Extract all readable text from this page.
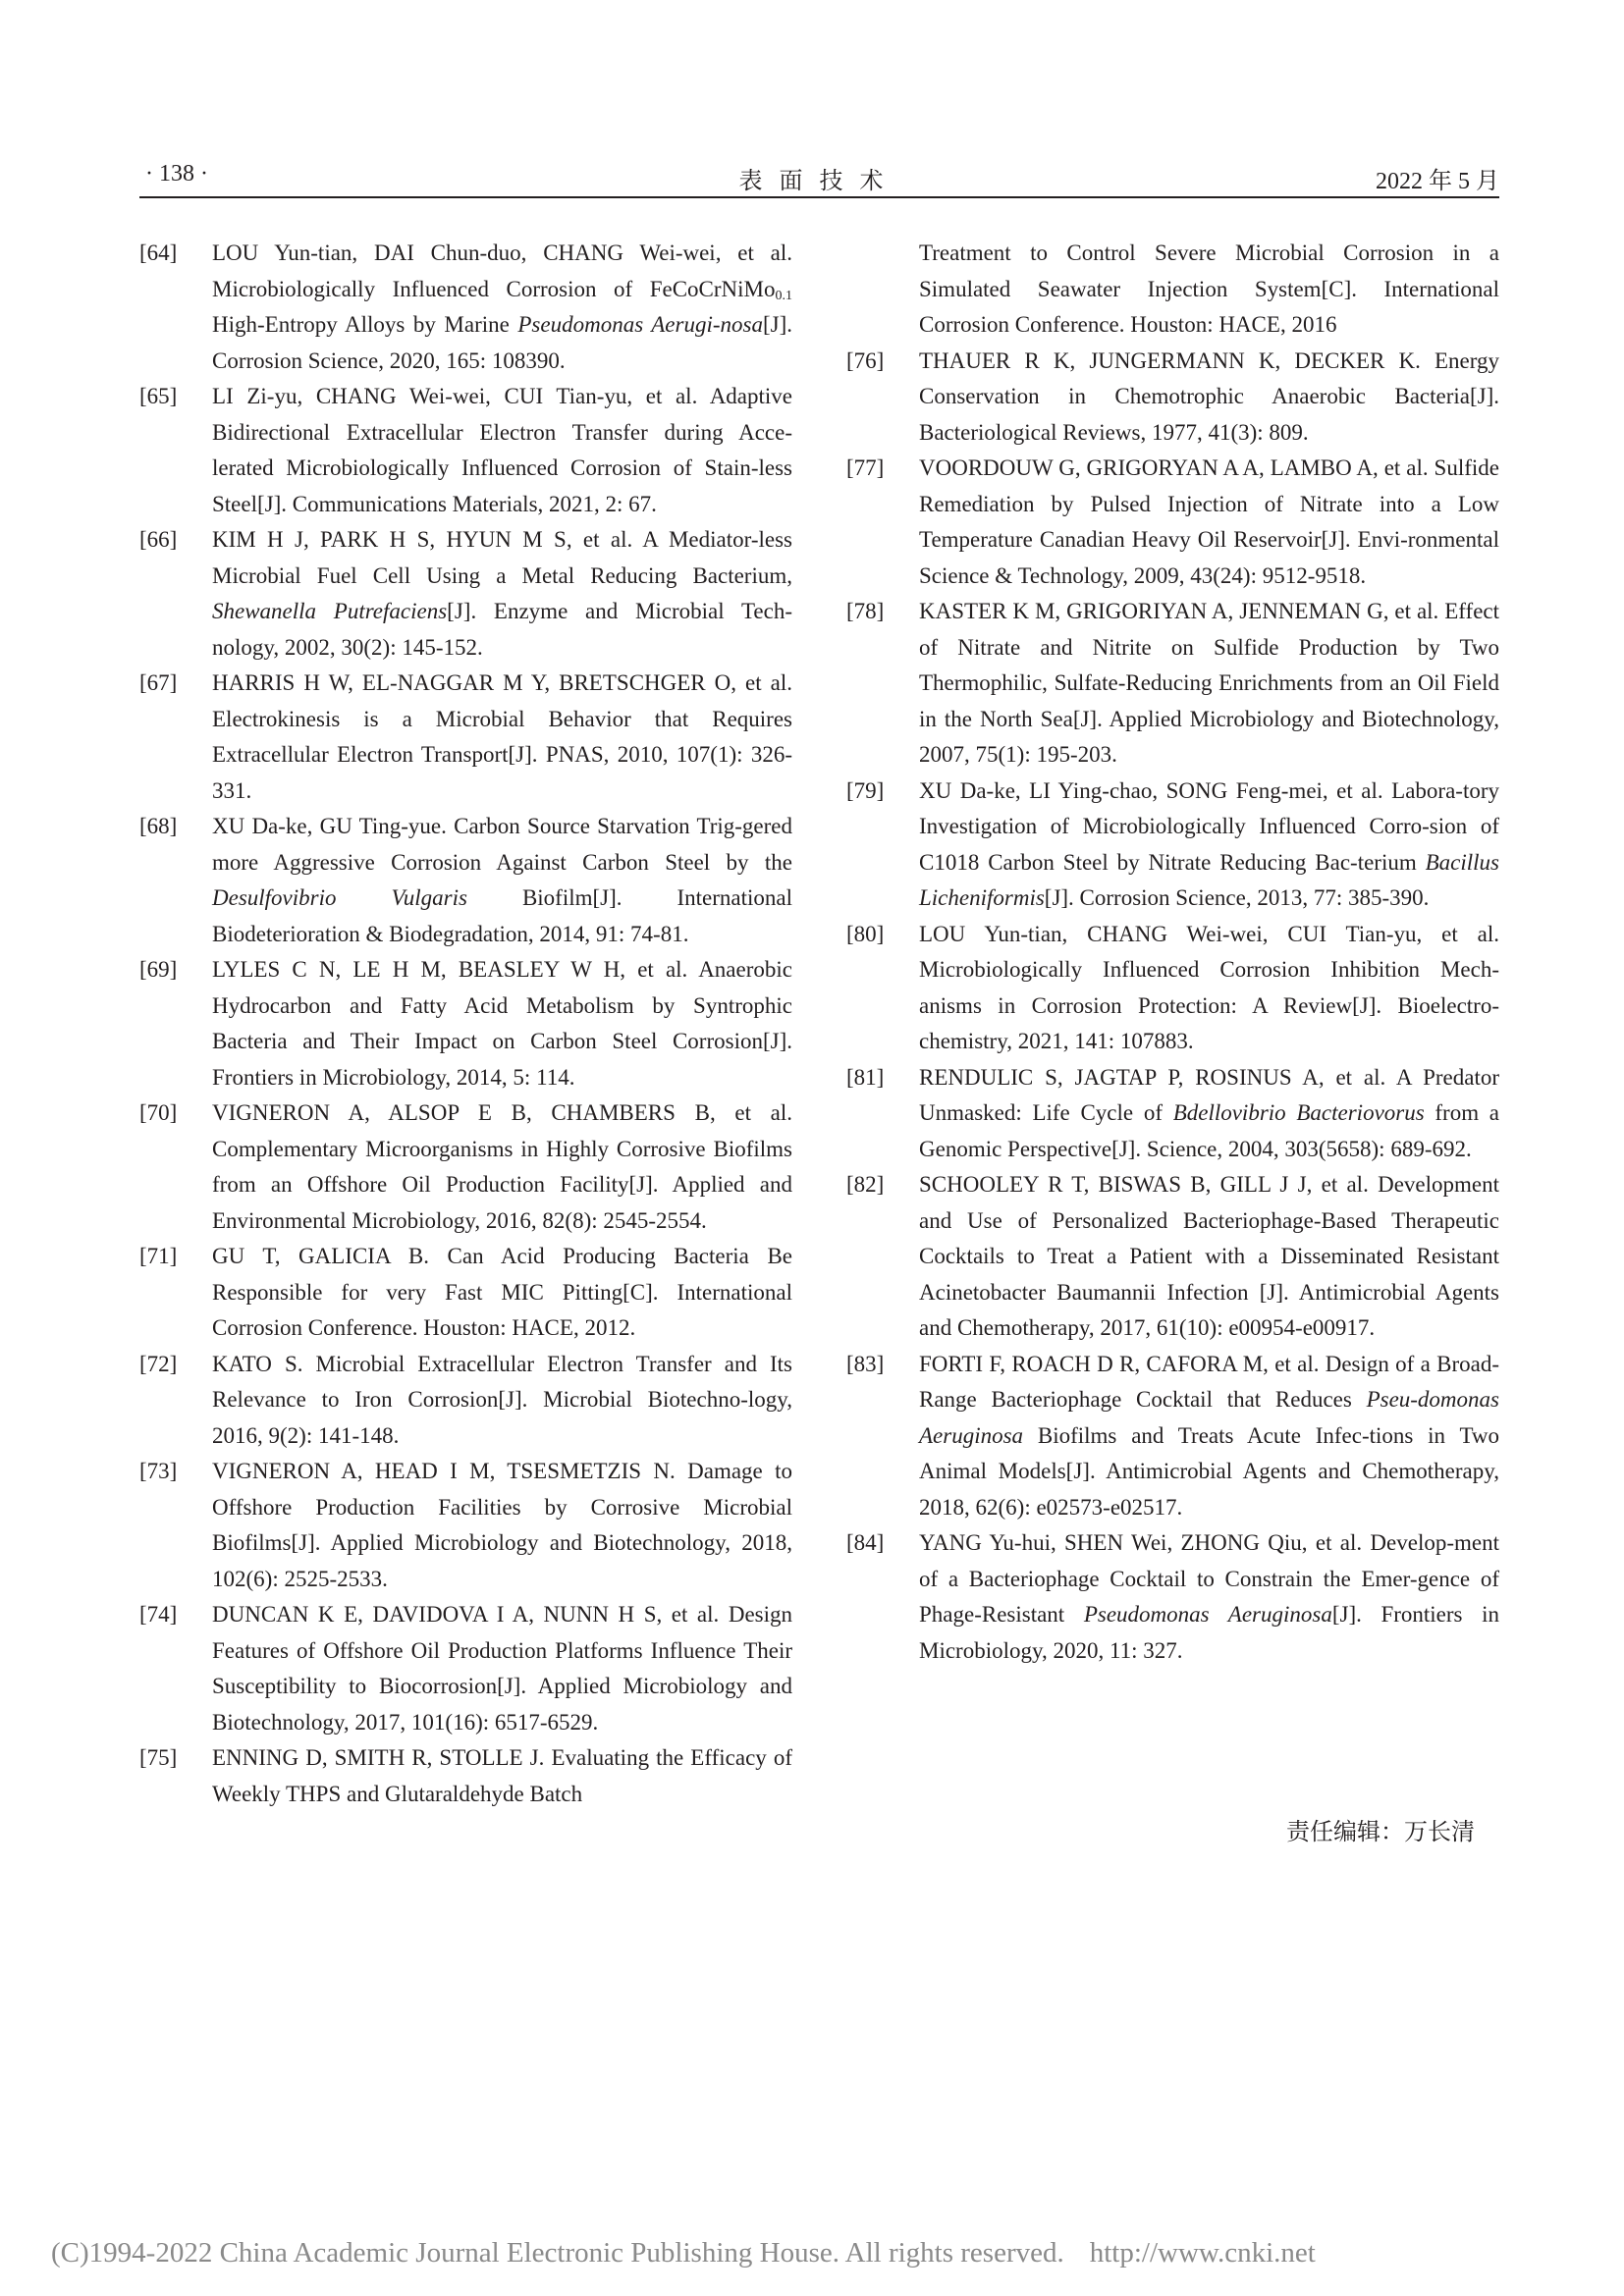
· 138 ·	表面技术	2022 年 5 月
[64] LOU Yun-tian, DAI Chun-duo, CHANG Wei-wei, et al. Microbiologically Influenced Corrosion of FeCoCrNiMo$_{0.1}$ High-Entropy Alloys by Marine Pseudomonas Aerugi-nosa[J]. Corrosion Science, 2020, 165: 108390.
[65] LI Zi-yu, CHANG Wei-wei, CUI Tian-yu, et al. Adaptive Bidirectional Extracellular Electron Transfer during Acce-lerated Microbiologically Influenced Corrosion of Stain-less Steel[J]. Communications Materials, 2021, 2: 67.
[66] KIM H J, PARK H S, HYUN M S, et al. A Mediator-less Microbial Fuel Cell Using a Metal Reducing Bacterium, Shewanella Putrefaciens[J]. Enzyme and Microbial Tech-nology, 2002, 30(2): 145-152.
[67] HARRIS H W, EL-NAGGAR M Y, BRETSCHGER O, et al. Electrokinesis is a Microbial Behavior that Requires Extracellular Electron Transport[J]. PNAS, 2010, 107(1): 326-331.
[68] XU Da-ke, GU Ting-yue. Carbon Source Starvation Trig-gered more Aggressive Corrosion Against Carbon Steel by the Desulfovibrio Vulgaris Biofilm[J]. International Biodeterioration & Biodegradation, 2014, 91: 74-81.
[69] LYLES C N, LE H M, BEASLEY W H, et al. Anaerobic Hydrocarbon and Fatty Acid Metabolism by Syntrophic Bacteria and Their Impact on Carbon Steel Corrosion[J]. Frontiers in Microbiology, 2014, 5: 114.
[70] VIGNERON A, ALSOP E B, CHAMBERS B, et al. Complementary Microorganisms in Highly Corrosive Biofilms from an Offshore Oil Production Facility[J]. Applied and Environmental Microbiology, 2016, 82(8): 2545-2554.
[71] GU T, GALICIA B. Can Acid Producing Bacteria Be Responsible for very Fast MIC Pitting[C]. International Corrosion Conference. Houston: HACE, 2012.
[72] KATO S. Microbial Extracellular Electron Transfer and Its Relevance to Iron Corrosion[J]. Microbial Biotechno-logy, 2016, 9(2): 141-148.
[73] VIGNERON A, HEAD I M, TSESMETZIS N. Damage to Offshore Production Facilities by Corrosive Microbial Biofilms[J]. Applied Microbiology and Biotechnology, 2018, 102(6): 2525-2533.
[74] DUNCAN K E, DAVIDOVA I A, NUNN H S, et al. Design Features of Offshore Oil Production Platforms Influence Their Susceptibility to Biocorrosion[J]. Applied Microbiology and Biotechnology, 2017, 101(16): 6517-6529.
[75] ENNING D, SMITH R, STOLLE J. Evaluating the Efficacy of Weekly THPS and Glutaraldehyde Batch
Treatment to Control Severe Microbial Corrosion in a Simulated Seawater Injection System[C]. International Corrosion Conference. Houston: HACE, 2016
[76] THAUER R K, JUNGERMANN K, DECKER K. Energy Conservation in Chemotrophic Anaerobic Bacteria[J]. Bacteriological Reviews, 1977, 41(3): 809.
[77] VOORDOUW G, GRIGORYAN A A, LAMBO A, et al. Sulfide Remediation by Pulsed Injection of Nitrate into a Low Temperature Canadian Heavy Oil Reservoir[J]. Envi-ronmental Science & Technology, 2009, 43(24): 9512-9518.
[78] KASTER K M, GRIGORIYAN A, JENNEMAN G, et al. Effect of Nitrate and Nitrite on Sulfide Production by Two Thermophilic, Sulfate-Reducing Enrichments from an Oil Field in the North Sea[J]. Applied Microbiology and Biotechnology, 2007, 75(1): 195-203.
[79] XU Da-ke, LI Ying-chao, SONG Feng-mei, et al. Labora-tory Investigation of Microbiologically Influenced Corro-sion of C1018 Carbon Steel by Nitrate Reducing Bac-terium Bacillus Licheniformis[J]. Corrosion Science, 2013, 77: 385-390.
[80] LOU Yun-tian, CHANG Wei-wei, CUI Tian-yu, et al. Microbiologically Influenced Corrosion Inhibition Mech-anisms in Corrosion Protection: A Review[J]. Bioelectro-chemistry, 2021, 141: 107883.
[81] RENDULIC S, JAGTAP P, ROSINUS A, et al. A Predator Unmasked: Life Cycle of Bdellovibrio Bacteriovorus from a Genomic Perspective[J]. Science, 2004, 303(5658): 689-692.
[82] SCHOOLEY R T, BISWAS B, GILL J J, et al. Development and Use of Personalized Bacteriophage-Based Therapeutic Cocktails to Treat a Patient with a Disseminated Resistant Acinetobacter Baumannii Infection [J]. Antimicrobial Agents and Chemotherapy, 2017, 61(10): e00954-e00917.
[83] FORTI F, ROACH D R, CAFORA M, et al. Design of a Broad-Range Bacteriophage Cocktail that Reduces Pseu-domonas Aeruginosa Biofilms and Treats Acute Infec-tions in Two Animal Models[J]. Antimicrobial Agents and Chemotherapy, 2018, 62(6): e02573-e02517.
[84] YANG Yu-hui, SHEN Wei, ZHONG Qiu, et al. Develop-ment of a Bacteriophage Cocktail to Constrain the Emer-gence of Phage-Resistant Pseudomonas Aeruginosa[J]. Frontiers in Microbiology, 2020, 11: 327.
责任编辑：万长清
(C)1994-2022 China Academic Journal Electronic Publishing House. All rights reserved. http://www.cnki.net
